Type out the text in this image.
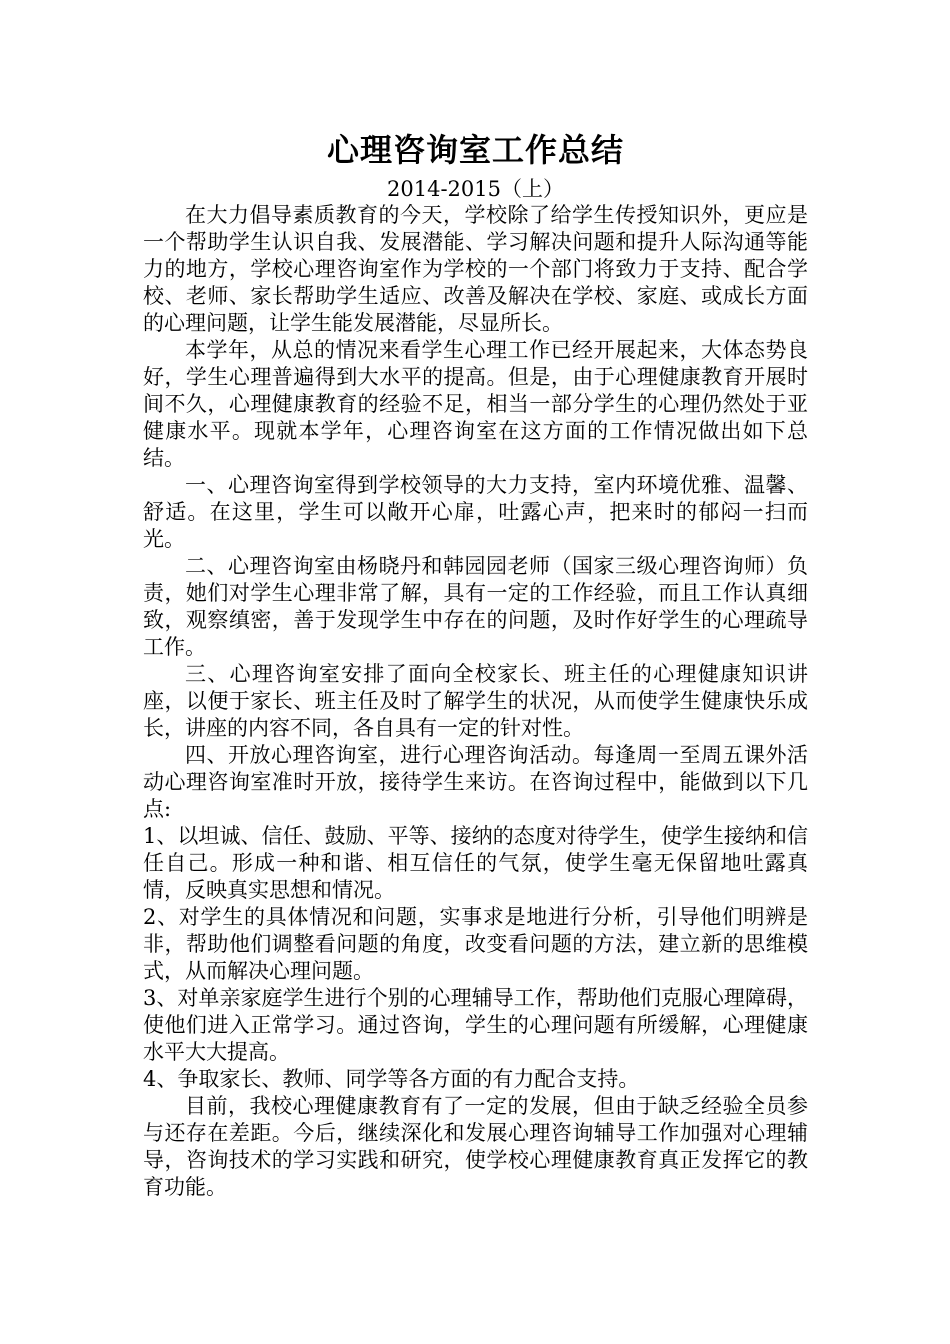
心理咨询室工作总结

2014-2015（上）

在大力倡导素质教育的今天，学校除了给学生传授知识外，更应是一个帮助学生认识自我、发展潜能、学习解决问题和提升人际沟通等能力的地方，学校心理咨询室作为学校的一个部门将致力于支持、配合学校、老师、家长帮助学生适应、改善及解决在学校、家庭、或成长方面的心理问题，让学生能发展潜能，尽显所长。

本学年，从总的情况来看学生心理工作已经开展起来，大体态势良好，学生心理普遍得到大水平的提高。但是，由于心理健康教育开展时间不久，心理健康教育的经验不足，相当一部分学生的心理仍然处于亚健康水平。现就本学年，心理咨询室在这方面的工作情况做出如下总结。

一、心理咨询室得到学校领导的大力支持，室内环境优雅、温馨、舒适。在这里，学生可以敞开心扉，吐露心声，把来时的郁闷一扫而光。

二、心理咨询室由杨晓丹和韩园园老师（国家三级心理咨询师）负责，她们对学生心理非常了解，具有一定的工作经验，而且工作认真细致，观察缜密，善于发现学生中存在的问题，及时作好学生的心理疏导工作。

三、心理咨询室安排了面向全校家长、班主任的心理健康知识讲座，以便于家长、班主任及时了解学生的状况，从而使学生健康快乐成长，讲座的内容不同，各自具有一定的针对性。

四、开放心理咨询室，进行心理咨询活动。每逢周一至周五课外活动心理咨询室准时开放，接待学生来访。在咨询过程中，能做到以下几点:

1、以坦诚、信任、鼓励、平等、接纳的态度对待学生，使学生接纳和信任自己。形成一种和谐、相互信任的气氛，使学生毫无保留地吐露真情，反映真实思想和情况。

2、对学生的具体情况和问题，实事求是地进行分析，引导他们明辨是非，帮助他们调整看问题的角度，改变看问题的方法，建立新的思维模式，从而解决心理问题。

3、对单亲家庭学生进行个别的心理辅导工作，帮助他们克服心理障碍，使他们进入正常学习。通过咨询，学生的心理问题有所缓解，心理健康水平大大提高。

4、争取家长、教师、同学等各方面的有力配合支持。

目前，我校心理健康教育有了一定的发展，但由于缺乏经验全员参与还存在差距。今后，继续深化和发展心理咨询辅导工作加强对心理辅导，咨询技术的学习实践和研究，使学校心理健康教育真正发挥它的教育功能。
